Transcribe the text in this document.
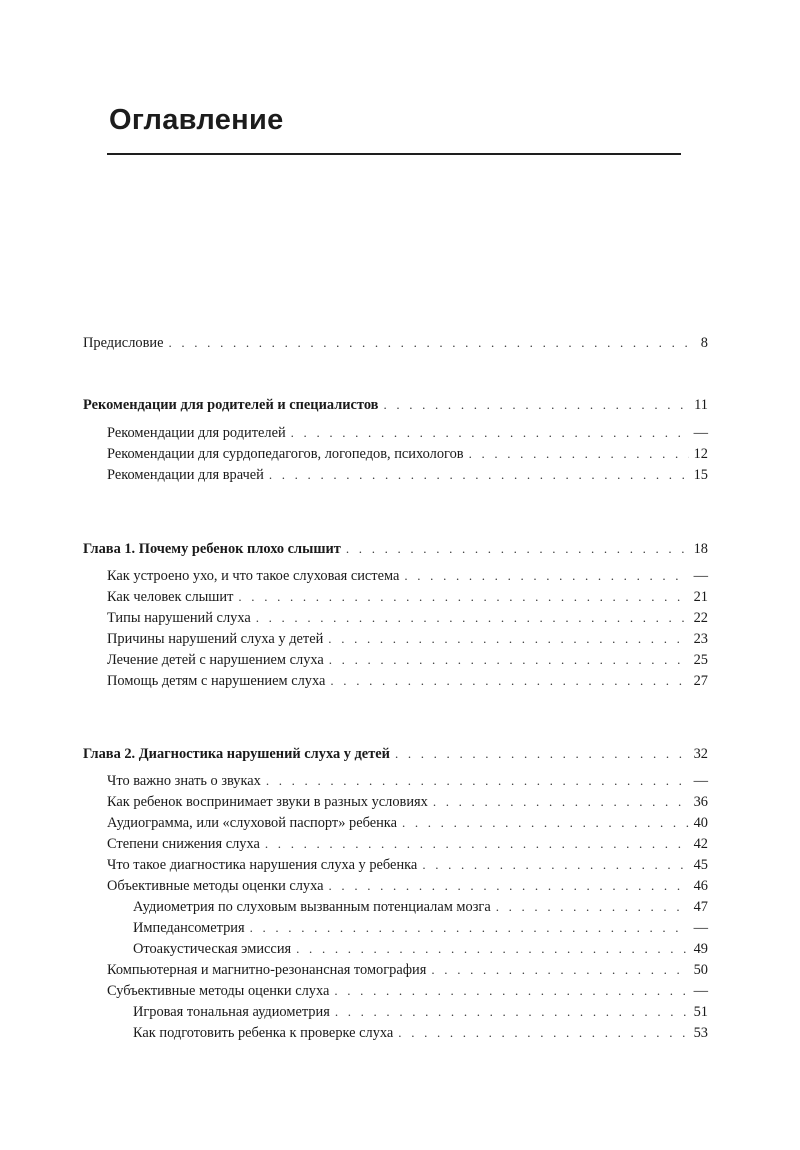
Оглавление
Предисловие . . .	8
Рекомендации для родителей и специалистов . . .	11
Рекомендации для родителей . . .	—
Рекомендации для сурдопедагогов, логопедов, психологов . . .	12
Рекомендации для врачей . . .	15
Глава 1. Почему ребенок плохо слышит . . .	18
Как устроено ухо, и что такое слуховая система . . .	—
Как человек слышит . . .	21
Типы нарушений слуха . . .	22
Причины нарушений слуха у детей . . .	23
Лечение детей с нарушением слуха . . .	25
Помощь детям с нарушением слуха . . .	27
Глава 2. Диагностика нарушений слуха у детей . . .	32
Что важно знать о звуках . . .	—
Как ребенок воспринимает звуки в разных условиях . . .	36
Аудиограмма, или «слуховой паспорт» ребенка . . .	40
Степени снижения слуха . . .	42
Что такое диагностика нарушения слуха у ребенка . . .	45
Объективные методы оценки слуха . . .	46
Аудиометрия по слуховым вызванным потенциалам мозга . . .	47
Импедансометрия . . .	—
Отоакустическая эмиссия . . .	49
Компьютерная и магнитно-резонансная томография . . .	50
Субъективные методы оценки слуха . . .	—
Игровая тональная аудиометрия . . .	51
Как подготовить ребенка к проверке слуха . . .	53
